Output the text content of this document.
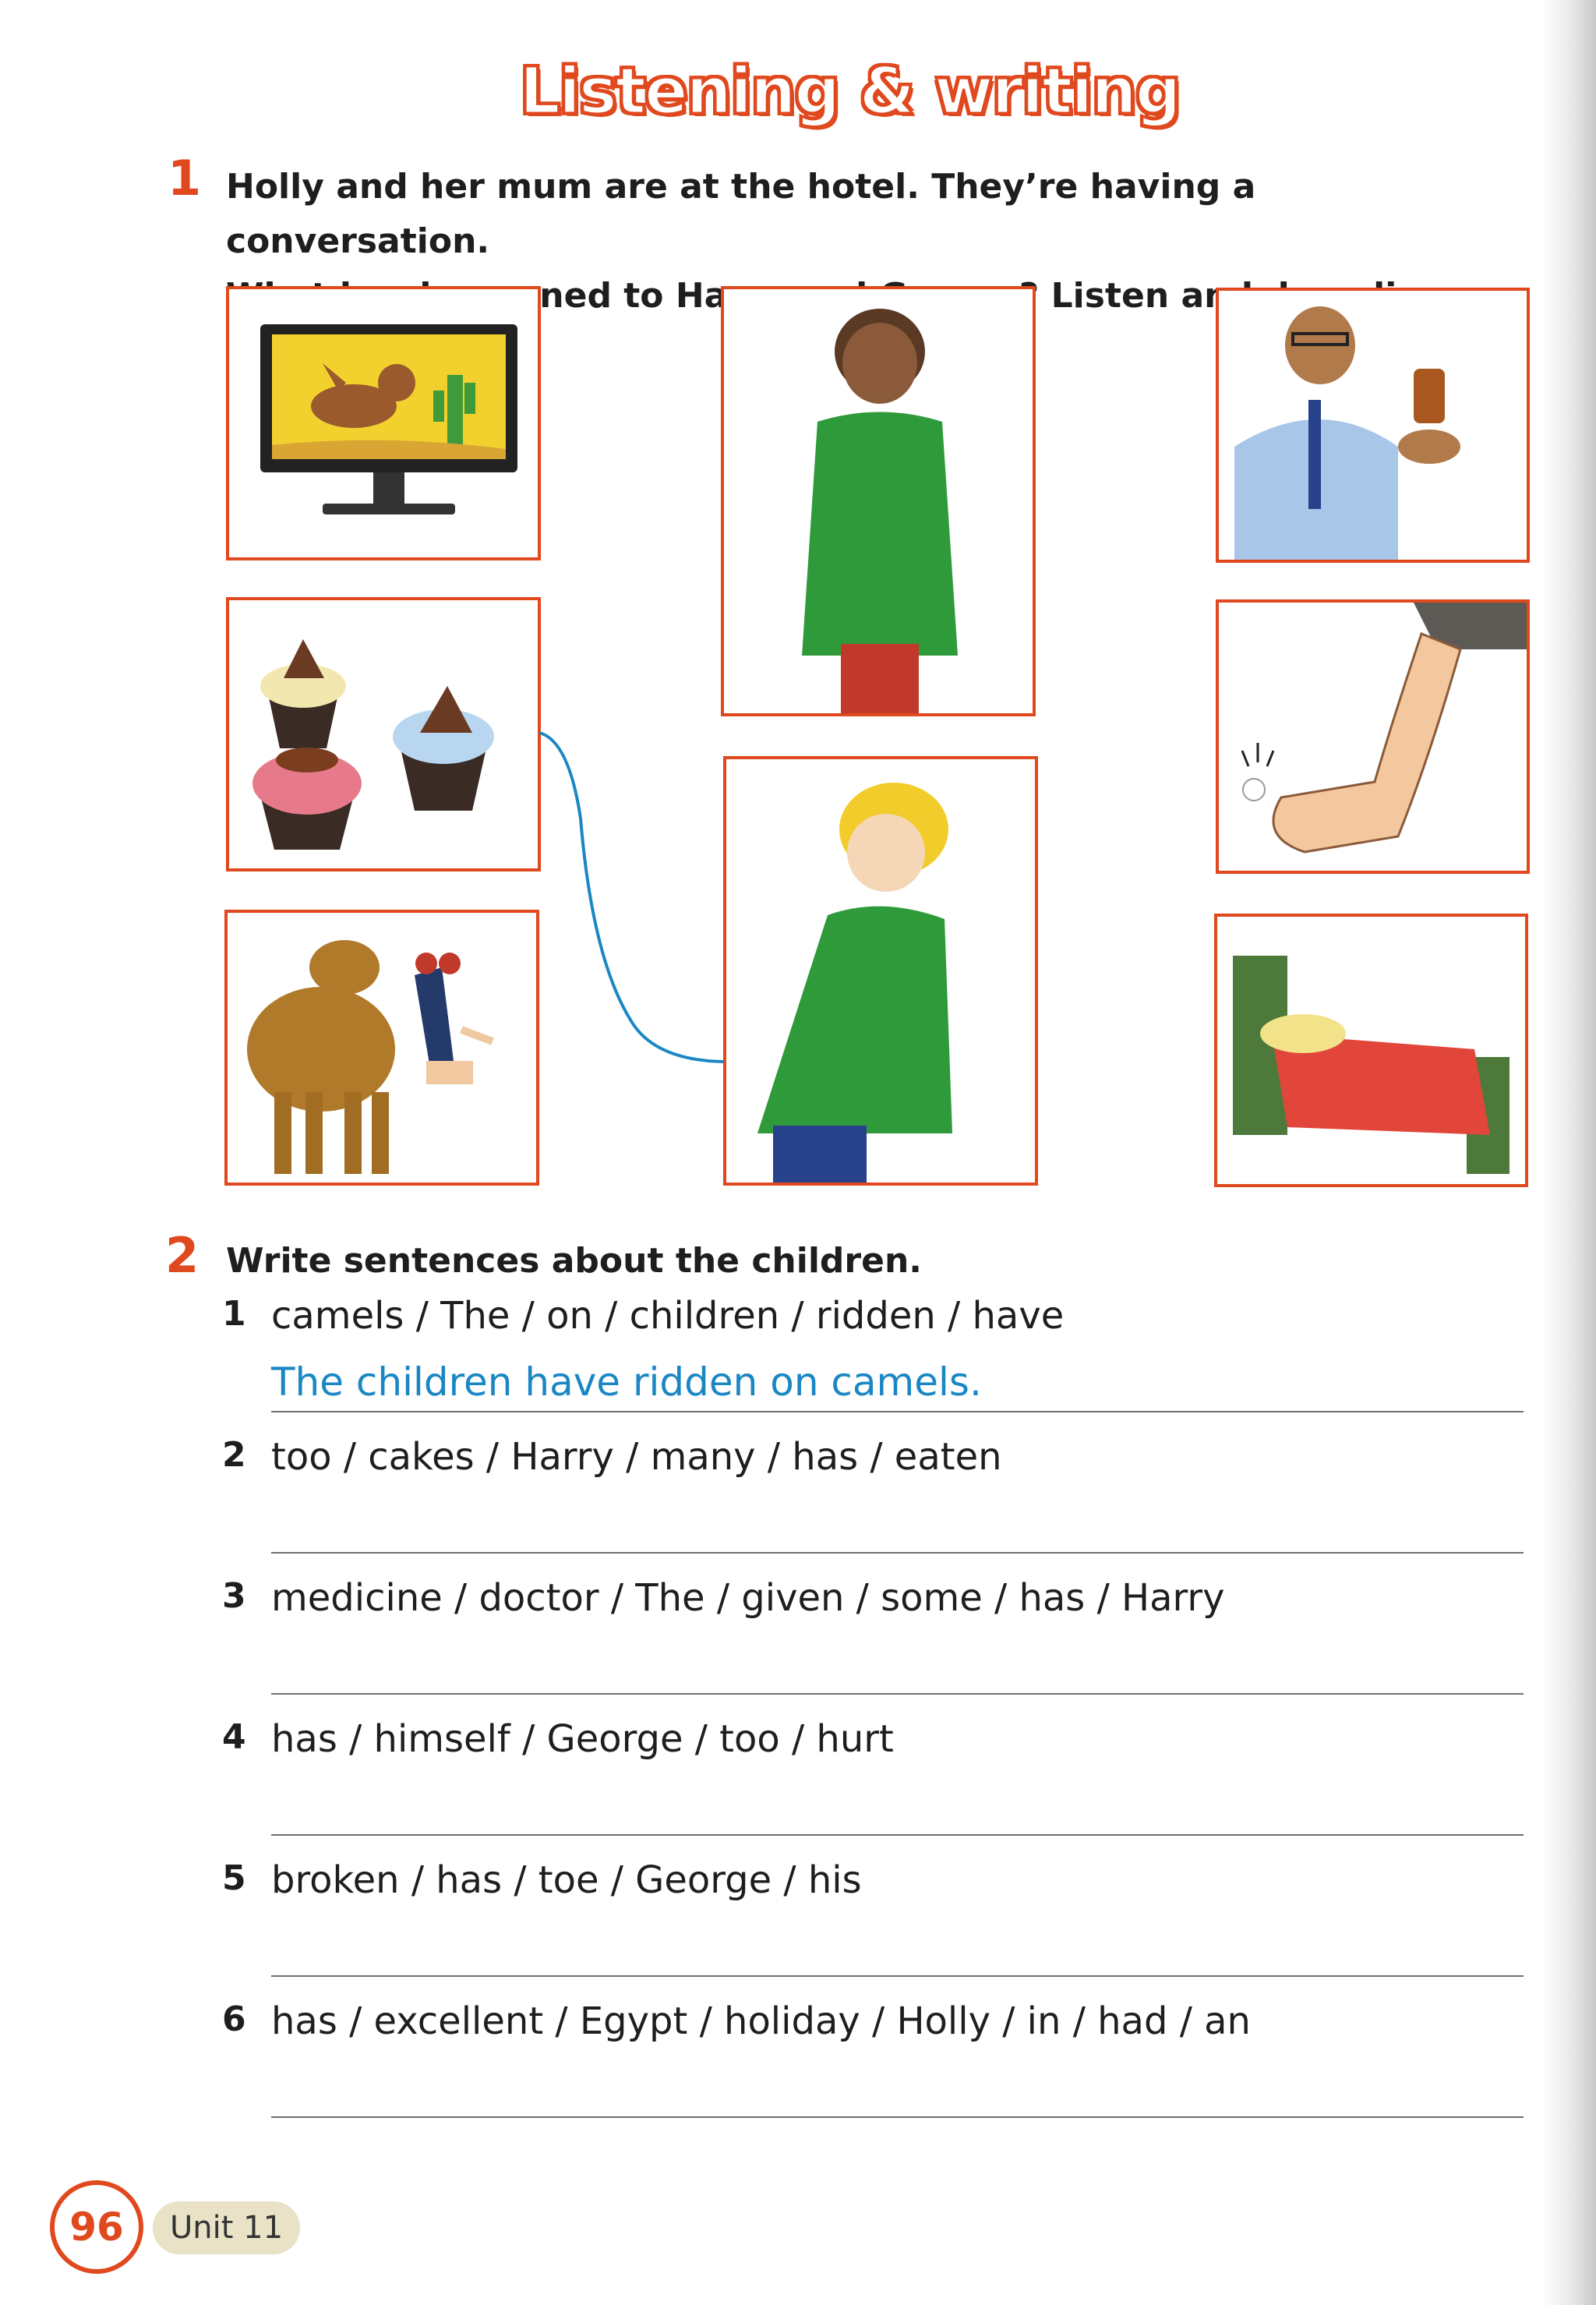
Listening & writing
1 Holly and her mum are at the hotel. They’re having a conversation.
to Listen
2 Write sentences about the children.
1 camels / The / on / children / ridden / have
The children have ridden on camels.
2 too / cakes / Harry / many / has / eaten
3 medicine / doctor / The / given / some / has / Harry
4 has / himself / George / too / hurt
5 broken / has / toe / George / his
6 has / excellent / Egypt / holiday / Holly / in / had / an
96	Unit 11
